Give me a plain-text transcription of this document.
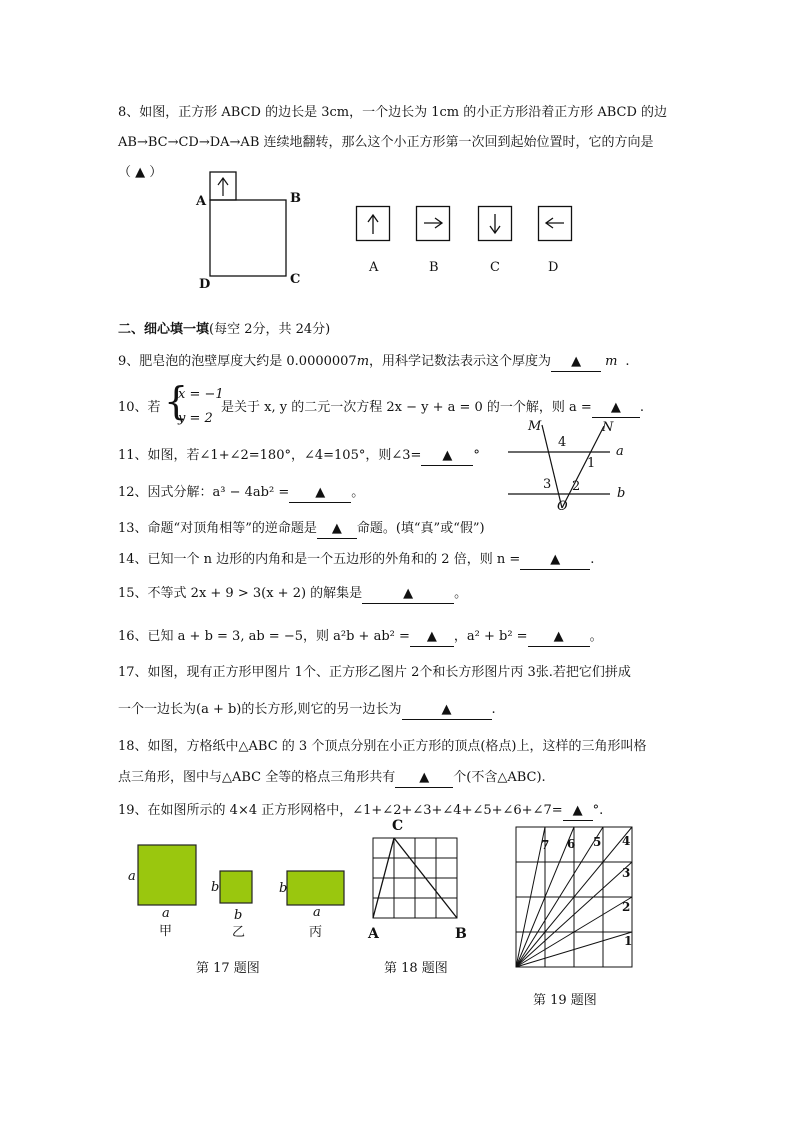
8、如图，正方形 ABCD 的边长是 3cm，一个边长为 1cm 的小正方形沿着正方形 ABCD 的边
AB→BC→CD→DA→AB 连续地翻转，那么这个小正方形第一次回到起始位置时，它的方向是
（ ▲ ）
A	B
D	C
A	B	C	D
二、细心填一填(每空 2分，共 24分)
9、肥皂泡的泡壁厚度大约是 0.0000007m，用科学记数法表示这个厚度为 ▲ m .
10、若 {
x = −1
y = 2
是关于 x, y 的二元一次方程 2x − y + a = 0 的一个解，则 a = ▲ .
11、如图，若∠1+∠2=180°，∠4=105°，则∠3= ▲ °
M	N
a
b
O
4
1
3 2
12、因式分解：a³ − 4ab² = ▲ 。
13、命题“对顶角相等”的逆命题是 ▲ 命题。(填“真”或“假”)
14、已知一个 n 边形的内角和是一个五边形的外角和的 2 倍，则 n = ▲ .
15、不等式 2x + 9 > 3(x + 2) 的解集是	▲	。
16、已知 a + b = 3, ab = −5，则 a²b + ab² = ▲ ，a² + b² = ▲ 。
17、如图，现有正方形甲图片 1个、正方形乙图片 2个和长方形图片丙 3张.若把它们拼成
一个一边长为(a + b)的长方形,则它的另一边长为	▲	.
18、如图，方格纸中△ABC 的 3 个顶点分别在小正方形的顶点(格点)上，这样的三角形叫格
点三角形，图中与△ABC 全等的格点三角形共有 ▲ 个(不含△ABC).
19、在如图所示的 4×4 正方形网格中，∠1+∠2+∠3+∠4+∠5+∠6+∠7= ▲ °.
a
a
甲
b
b
乙
b
a
丙
第 17 题图
C
A	B
第 18 题图
7 6 5 4
3
2
1
第 19 题图
